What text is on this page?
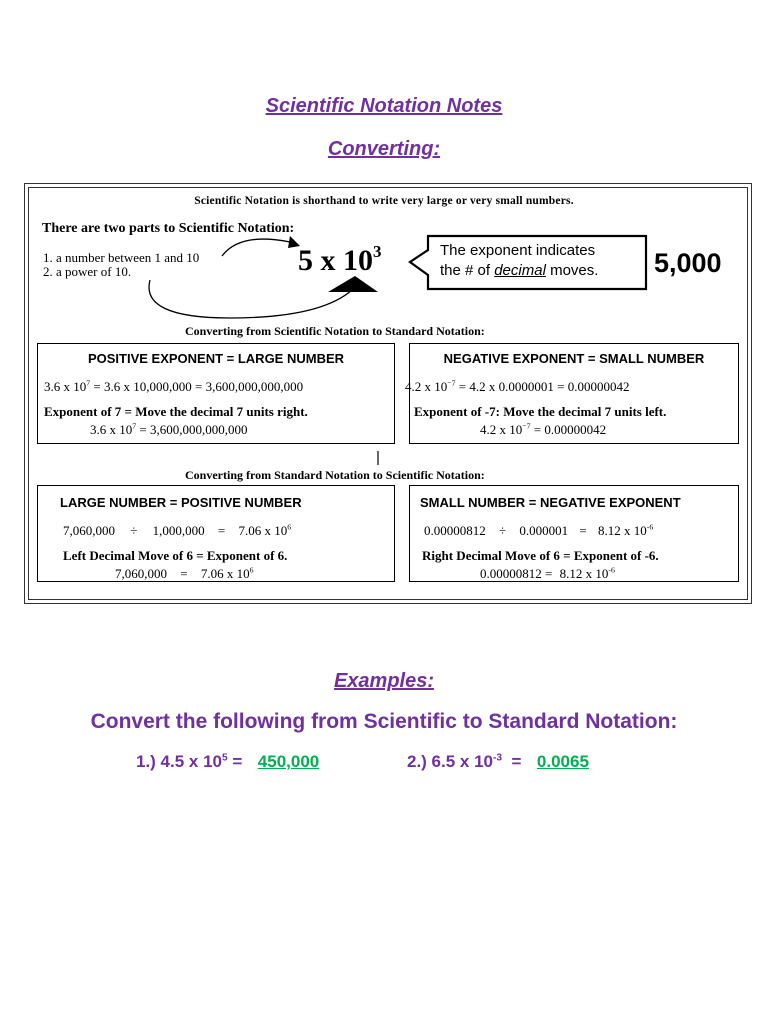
Scientific Notation Notes
Converting:
Scientific Notation is shorthand to write very large or very small numbers.
There are two parts to Scientific Notation:
1. a number between 1 and 10
2. a power of 10.	5 x $10^3$	The exponent indicates
the # of decimal moves. 5,000
Converting from Scientific Notation to Standard Notation:
POSITIVE EXPONENT = LARGE NUMBER
3.6 x $10^7 = 3.6$ x 10,000,000 = 3,600,000,000,000
Exponent of 7 = Move the decimal 7 units right.
3.6 x $10^7 = 3,600,000,000,000$
NEGATIVE EXPONENT = SMALL NUMBER
4.2 x $10^{-7} = 4.2$ x 0.0000001 = 0.00000042
Exponent of -7: Move the decimal 7 units left.
4.2 x $10^{-7} = 0.00000042$
Converting from Standard Notation to Scientific Notation:
LARGE NUMBER = POSITIVE NUMBER
7,060,000 ÷ 1,000,000 = 7.06 x $10^6$
Left Decimal Move of 6 = Exponent of 6.
7,060,000 = 7.06 x $10^6$
SMALL NUMBER = NEGATIVE EXPONENT
0.00000812 ÷ 0.000001 = 8.12 x $10^{-6}$
Right Decimal Move of 6 = Exponent of -6.
0.00000812 = 8.12 x $10^{-6}$
Examples:
Convert the following from Scientific to Standard Notation:
1.) 4.5 x $10^5 = 450,000$	2.) 6.5 x $10^{-3} = 0.0065$
